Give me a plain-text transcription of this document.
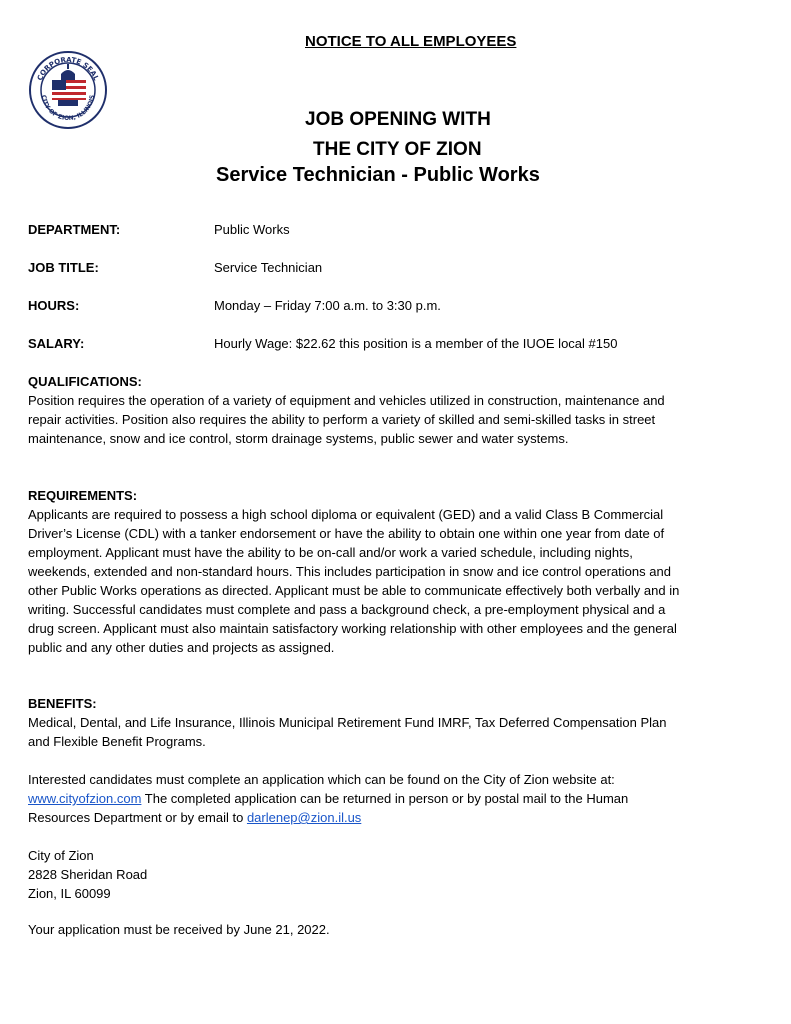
NOTICE TO ALL EMPLOYEES
CORPORATE SEAL
CITY OF ZION, ILLINOIS
JOB OPENING WITH
THE CITY OF ZION
Service Technician - Public Works
DEPARTMENT:	Public Works
JOB TITLE:	Service Technician
HOURS:	Monday – Friday 7:00 a.m. to 3:30 p.m.
SALARY:	Hourly Wage: $22.62 this position is a member of the IUOE local #150
QUALIFICATIONS:

Position requires the operation of a variety of equipment and vehicles utilized in construction, maintenance and repair activities. Position also requires the ability to perform a variety of skilled and semi-skilled tasks in street maintenance, snow and ice control, storm drainage systems, public sewer and water systems.

REQUIREMENTS:

Applicants are required to possess a high school diploma or equivalent (GED) and a valid Class B Commercial Driver’s License (CDL) with a tanker endorsement or have the ability to obtain one within one year from date of employment. Applicant must have the ability to be on-call and/or work a varied schedule, including nights, weekends, extended and non-standard hours. This includes participation in snow and ice control operations and other Public Works operations as directed. Applicant must be able to communicate effectively both verbally and in writing. Successful candidates must complete and pass a background check, a pre-employment physical and a drug screen. Applicant must also maintain satisfactory working relationship with other employees and the general public and any other duties and projects as assigned.

BENEFITS:

Medical, Dental, and Life Insurance, Illinois Municipal Retirement Fund IMRF, Tax Deferred Compensation Plan and Flexible Benefit Programs.

Interested candidates must complete an application which can be found on the City of Zion website at: www.cityofzion.com The completed application can be returned in person or by postal mail to the Human Resources Department or by email to darlenep@zion.il.us

City of Zion
2828 Sheridan Road
Zion, IL 60099
Your application must be received by June 21, 2022.
